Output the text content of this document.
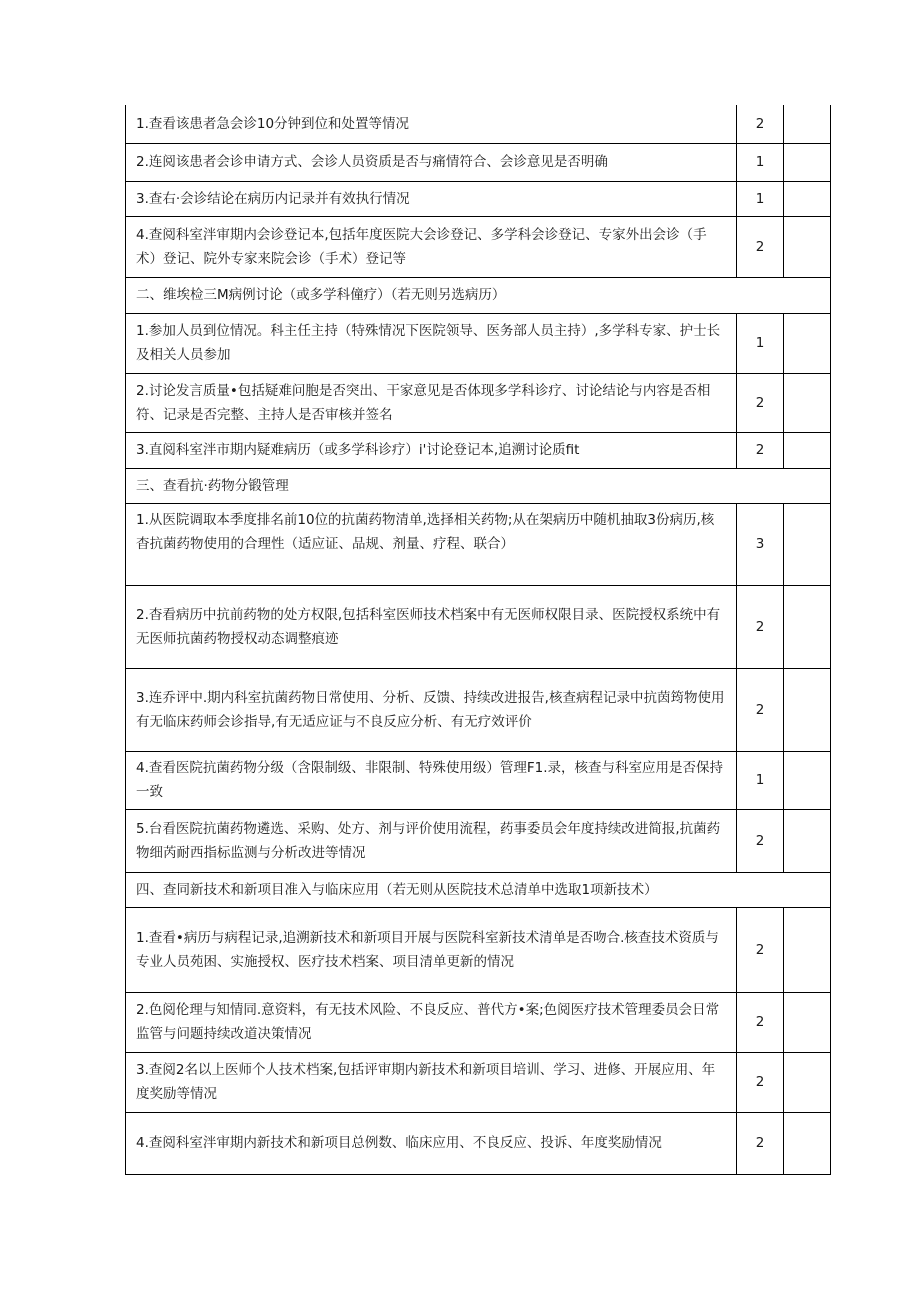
1.查看该患者急会诊10分钟到位和处置等情况	2	
2.连阅该患者会诊申请方式、会诊人员资质是否与痛情符合、会诊意见是否明确	1	
3.查右·会诊结论在病历内记录并有效执行情况	1	
4.查阅科室泮审期内会诊登记本,包括年度医院大会诊登记、多学科会诊登记、专家外出会诊（手术）登记、院外专家来院会诊（手术）登记等	2	
二、维埃检三M病例讨论（或多学科僮疗）（若无则另选病历）		
1.参加人员到位情况。科主任主持（特殊情况下医院领导、医务部人员主持）,多学科专家、护士长及相关人员参加	1	
2.讨论发言质量•包括疑难问胞是否突出、干家意见是否体现多学科诊疗、讨论结论与内容是否相符、记录是否完整、主持人是否审核并签名	2	
3.直阅科室泮市期内疑难病历（或多学科诊疗）i'讨论登记本,追溯讨论质fit	2	
三、查看抗·药物分锻管理		
1.从医院调取本季度排名前10位的抗菌药物清单,选择相关药物;从在架病历中随机抽取3份病历,核杳抗菌药物使用的合理性（适应证、品规、剂量、疗程、联合）	3	
2.杳看病历中抗前药物的处方权限,包括科室医师技术档案中有无医师权限目录、医院授权系统中有无医师抗菌药物授权动态调整痕迹	2	
3.连乔评中.期内科室抗菌药物日常使用、分析、反馈、持续改进报告,核查病程记录中抗茵筠物使用有无临床药师会诊指导,有无适应证与不良反应分析、有无疗效评价	2	
4.查看医院抗菌药物分级（含限制级、非限制、特殊使用级）管理F1.录，核查与科室应用是否保持一致	1	
5.台看医院抗菌药物遴选、采购、处方、剂与评价使用流程，药事委员会年度持续改进简报,抗菌药物细芮耐西指标监测与分析改进等情况	2	
四、查同新技术和新项目准入与临床应用（若无则从医院技术总清单中选取1项新技术）		
1.查看•病历与病程记录,追溯新技术和新项目开展与医院科室新技术清单是否吻合.核查技术资质与专业人员苑困、实施授权、医疗技术档案、项目清单更新的情况	2	
2.色阅伦理与知情同.意资料，有无技术风险、不良反应、普代方•案;色阅医疗技术管理委员会日常监管与问题持续改道决策情况	2	
3.查阅2名以上医师个人技术档案,包括评审期内新技术和新项目培训、学习、进修、开展应用、年度奖励等情况	2	
4.查阅科室泮审期内新技术和新项目总例数、临床应用、不良反应、投诉、年度奖励情况	2	
